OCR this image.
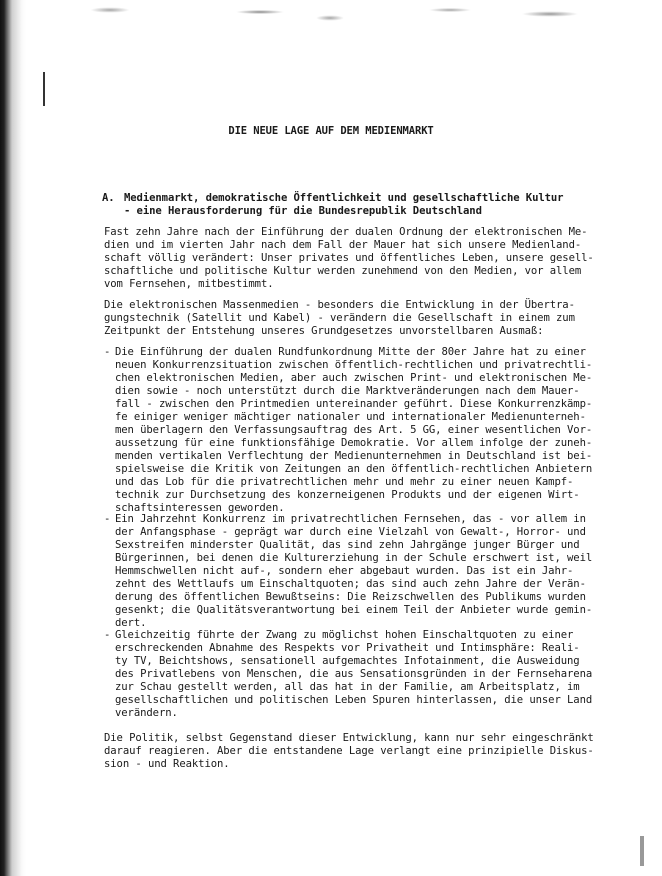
DIE NEUE LAGE AUF DEM MEDIENMARKT
A. Medienmarkt, demokratische Öffentlichkeit und gesellschaftliche Kultur
- eine Herausforderung für die Bundesrepublik Deutschland
Fast zehn Jahre nach der Einführung der dualen Ordnung der elektronischen Me-
dien und im vierten Jahr nach dem Fall der Mauer hat sich unsere Medienland-
schaft völlig verändert: Unser privates und öffentliches Leben, unsere gesell-
schaftliche und politische Kultur werden zunehmend von den Medien, vor allem
vom Fernsehen, mitbestimmt.
Die elektronischen Massenmedien - besonders die Entwicklung in der Übertra-
gungstechnik (Satellit und Kabel) - verändern die Gesellschaft in einem zum
Zeitpunkt der Entstehung unseres Grundgesetzes unvorstellbaren Ausmaß:
- Die Einführung der dualen Rundfunkordnung Mitte der 80er Jahre hat zu einer
neuen Konkurrenzsituation zwischen öffentlich-rechtlichen und privatrechtli-
chen elektronischen Medien, aber auch zwischen Print- und elektronischen Me-
dien sowie - noch unterstützt durch die Marktveränderungen nach dem Mauer-
fall - zwischen den Printmedien untereinander geführt. Diese Konkurrenzkämp-
fe einiger weniger mächtiger nationaler und internationaler Medienunterneh-
men überlagern den Verfassungsauftrag des Art. 5 GG, einer wesentlichen Vor-
aussetzung für eine funktionsfähige Demokratie. Vor allem infolge der zuneh-
menden vertikalen Verflechtung der Medienunternehmen in Deutschland ist bei-
spielsweise die Kritik von Zeitungen an den öffentlich-rechtlichen Anbietern
und das Lob für die privatrechtlichen mehr und mehr zu einer neuen Kampf-
technik zur Durchsetzung des konzerneigenen Produkts und der eigenen Wirt-
schaftsinteressen geworden.
- Ein Jahrzehnt Konkurrenz im privatrechtlichen Fernsehen, das - vor allem in
der Anfangsphase - geprägt war durch eine Vielzahl von Gewalt-, Horror- und
Sexstreifen minderster Qualität, das sind zehn Jahrgänge junger Bürger und
Bürgerinnen, bei denen die Kulturerziehung in der Schule erschwert ist, weil
Hemmschwellen nicht auf-, sondern eher abgebaut wurden. Das ist ein Jahr-
zehnt des Wettlaufs um Einschaltquoten; das sind auch zehn Jahre der Verän-
derung des öffentlichen Bewußtseins: Die Reizschwellen des Publikums wurden
gesenkt; die Qualitätsverantwortung bei einem Teil der Anbieter wurde gemin-
dert.
- Gleichzeitig führte der Zwang zu möglichst hohen Einschaltquoten zu einer
erschreckenden Abnahme des Respekts vor Privatheit und Intimsphäre: Reali-
ty TV, Beichtshows, sensationell aufgemachtes Infotainment, die Ausweidung
des Privatlebens von Menschen, die aus Sensationsgründen in der Fernseharena
zur Schau gestellt werden, all das hat in der Familie, am Arbeitsplatz, im
gesellschaftlichen und politischen Leben Spuren hinterlassen, die unser Land
verändern.
Die Politik, selbst Gegenstand dieser Entwicklung, kann nur sehr eingeschränkt
darauf reagieren. Aber die entstandene Lage verlangt eine prinzipielle Diskus-
sion - und Reaktion.
